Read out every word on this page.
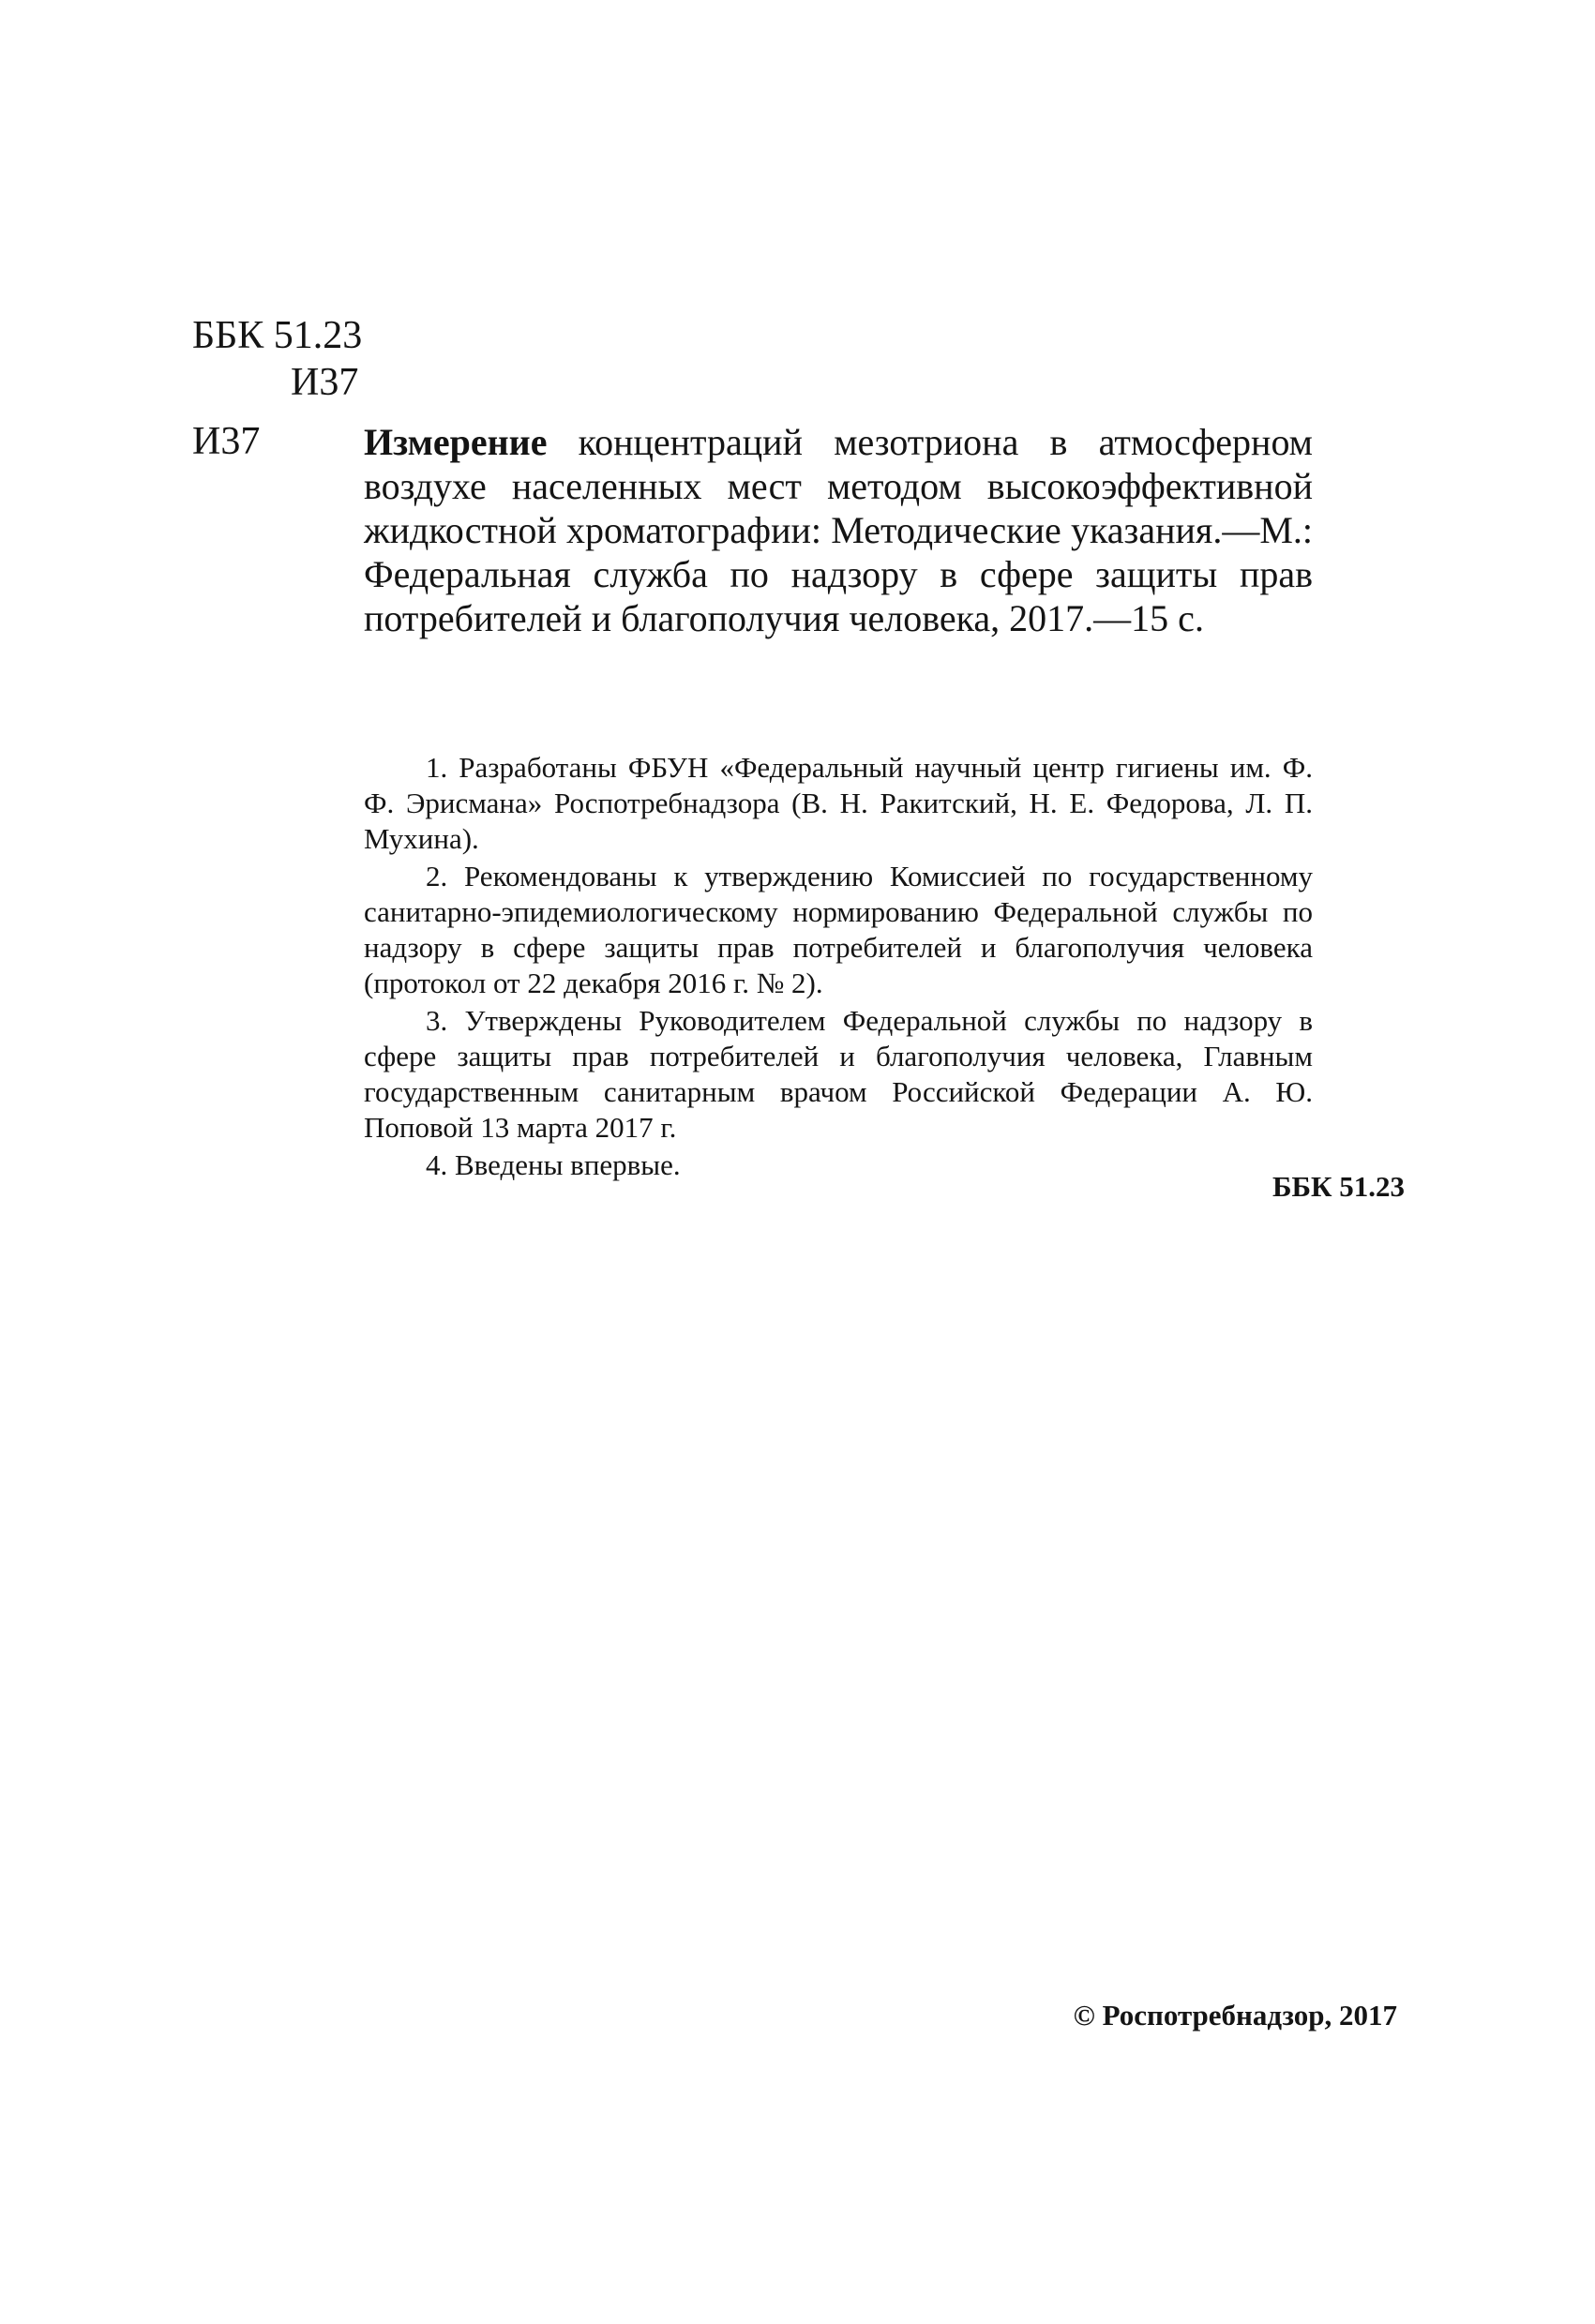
ББК 51.23
И37
И37	Измерение концентраций мезотриона в атмосферном воздухе населенных мест методом высокоэффективной жидкостной хроматографии: Методические указания.—М.: Федеральная служба по надзору в сфере защиты прав потребителей и благополучия человека, 2017.—15 с.

1. Разработаны ФБУН «Федеральный научный центр гигиены им. Ф. Ф. Эрисмана» Роспотребнадзора (В. Н. Ракитский, Н. Е. Федорова, Л. П. Мухина).

2. Рекомендованы к утверждению Комиссией по государственному санитарно-эпидемиологическому нормированию Федеральной службы по надзору в сфере защиты прав потребителей и благополучия человека (протокол от 22 декабря 2016 г. № 2).

3. Утверждены Руководителем Федеральной службы по надзору в сфере защиты прав потребителей и благополучия человека, Главным государственным санитарным врачом Российской Федерации А. Ю. Поповой 13 марта 2017 г.

4. Введены впервые.

ББК 51.23
© Роспотребнадзор, 2017
